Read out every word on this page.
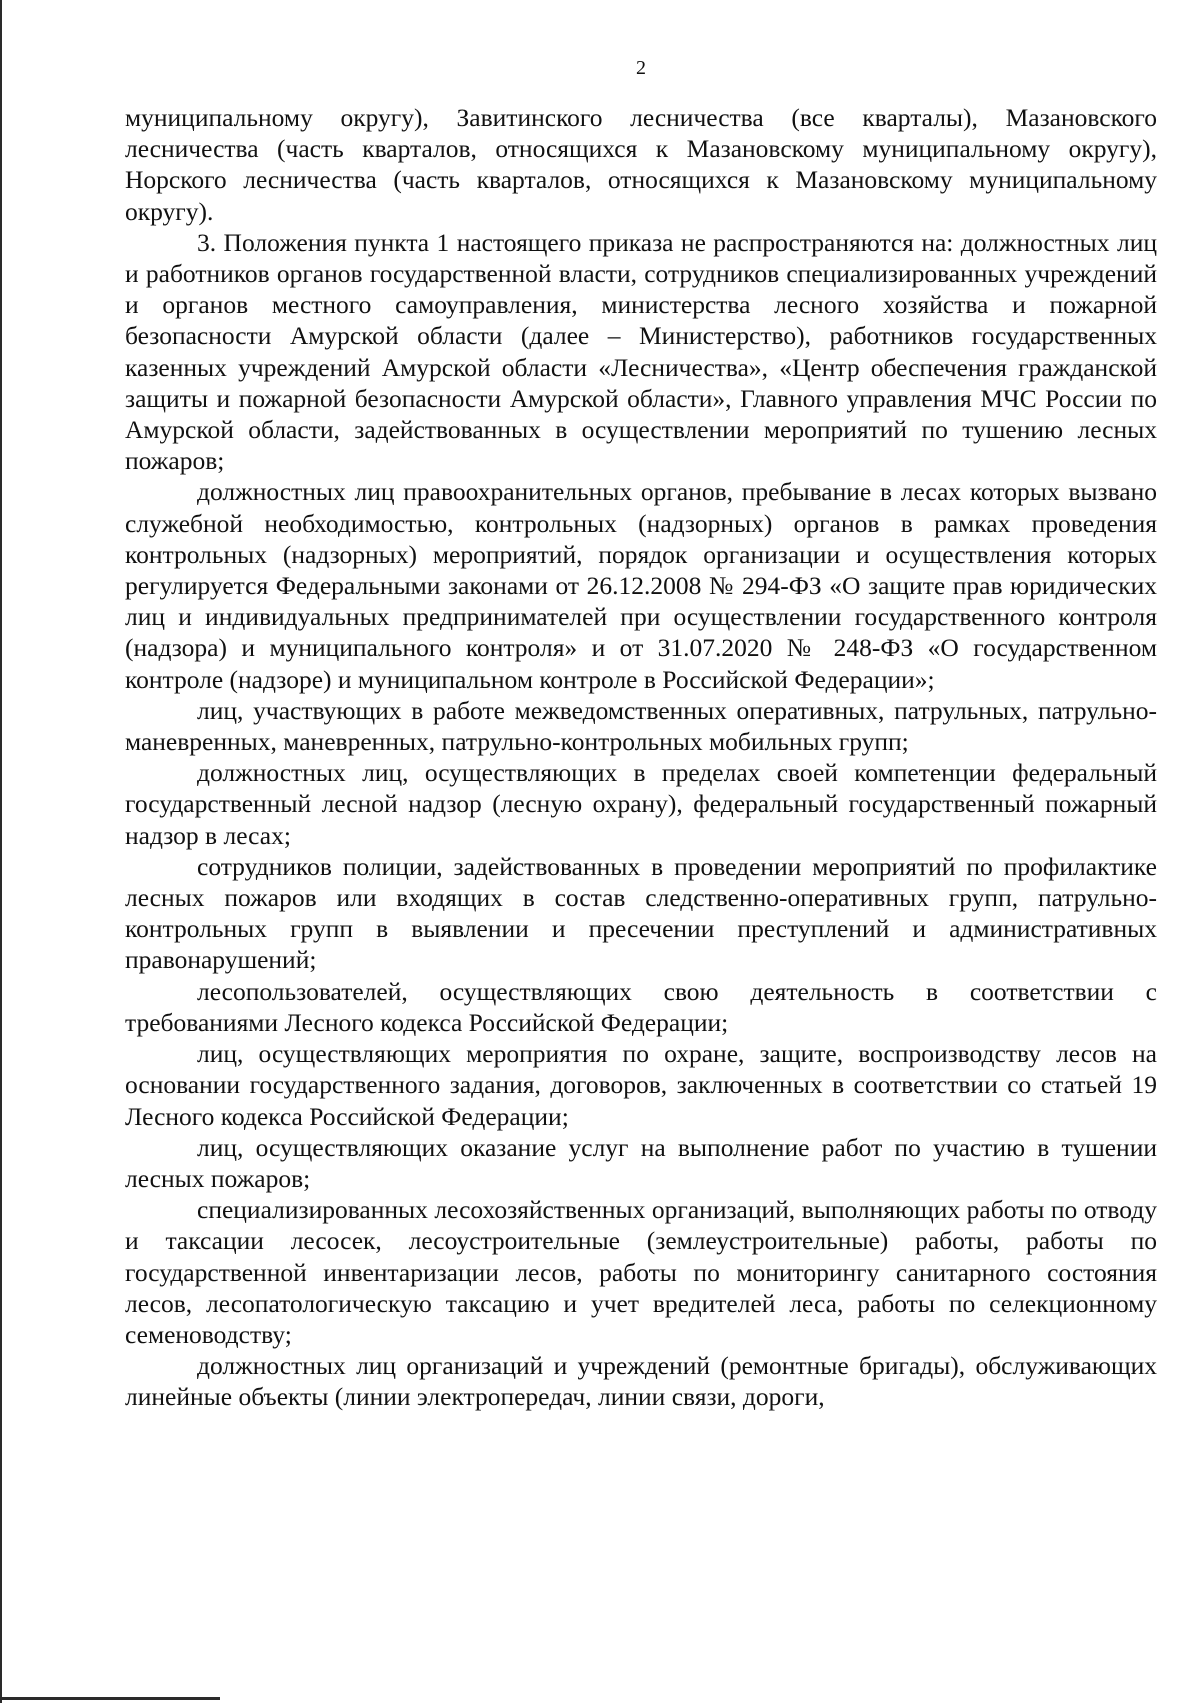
2

муниципальному округу), Завитинского лесничества (все кварталы), Мазановского лесничества (часть кварталов, относящихся к Мазановскому муниципальному округу), Норского лесничества (часть кварталов, относящихся к Мазановскому муниципальному округу).

3. Положения пункта 1 настоящего приказа не распространяются на: должностных лиц и работников органов государственной власти, сотрудников специализированных учреждений и органов местного самоуправления, министерства лесного хозяйства и пожарной безопасности Амурской области (далее – Министерство), работников государственных казенных учреждений Амурской области «Лесничества», «Центр обеспечения гражданской защиты и пожарной безопасности Амурской области», Главного управления МЧС России по Амурской области, задействованных в осуществлении мероприятий по тушению лесных пожаров;

должностных лиц правоохранительных органов, пребывание в лесах которых вызвано служебной необходимостью, контрольных (надзорных) органов в рамках проведения контрольных (надзорных) мероприятий, порядок организации и осуществления которых регулируется Федеральными законами от 26.12.2008 № 294-ФЗ «О защите прав юридических лиц и индивидуальных предпринимателей при осуществлении государственного контроля (надзора) и муниципального контроля» и от 31.07.2020 № 248-ФЗ «О государственном контроле (надзоре) и муниципальном контроле в Российской Федерации»;

лиц, участвующих в работе межведомственных оперативных, патрульных, патрульно-маневренных, маневренных, патрульно-контрольных мобильных групп;

должностных лиц, осуществляющих в пределах своей компетенции федеральный государственный лесной надзор (лесную охрану), федеральный государственный пожарный надзор в лесах;

сотрудников полиции, задействованных в проведении мероприятий по профилактике лесных пожаров или входящих в состав следственно-оперативных групп, патрульно-контрольных групп в выявлении и пресечении преступлений и административных правонарушений;

лесопользователей, осуществляющих свою деятельность в соответствии с требованиями Лесного кодекса Российской Федерации;

лиц, осуществляющих мероприятия по охране, защите, воспроизводству лесов на основании государственного задания, договоров, заключенных в соответствии со статьей 19 Лесного кодекса Российской Федерации;

лиц, осуществляющих оказание услуг на выполнение работ по участию в тушении лесных пожаров;

специализированных лесохозяйственных организаций, выполняющих работы по отводу и таксации лесосек, лесоустроительные (землеустроительные) работы, работы по государственной инвентаризации лесов, работы по мониторингу санитарного состояния лесов, лесопатологическую таксацию и учет вредителей леса, работы по селекционному семеноводству;

должностных лиц организаций и учреждений (ремонтные бригады), обслуживающих линейные объекты (линии электропередач, линии связи, дороги,
